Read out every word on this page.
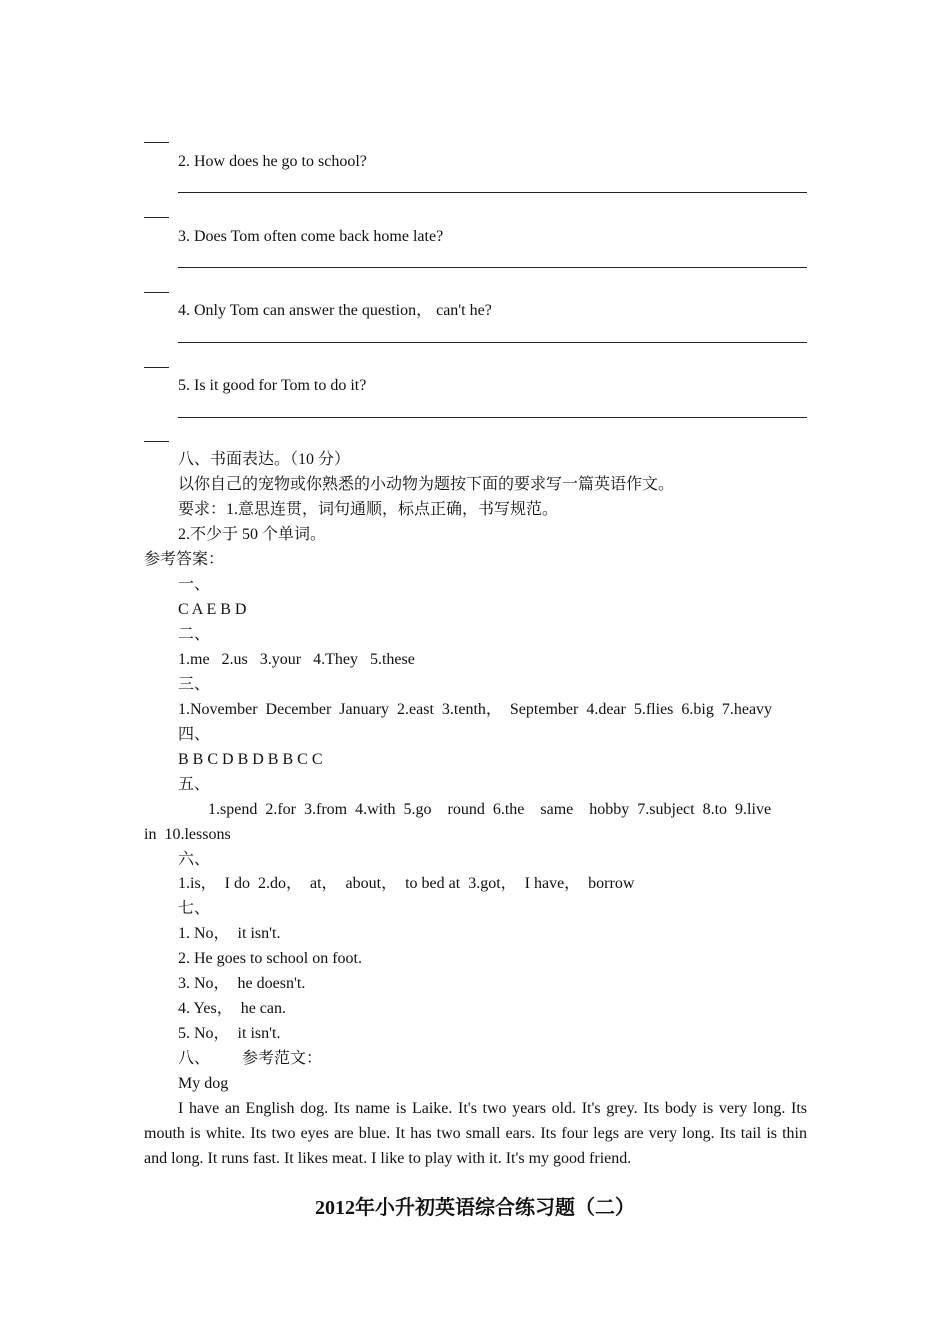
2. How does he go to school?
3. Does Tom often come back home late?
4. Only Tom can answer the question， can't he?
5. Is it good for Tom to do it?
八、书面表达。（10 分）
以你自己的宠物或你熟悉的小动物为题按下面的要求写一篇英语作文。
要求：1.意思连贯，词句通顺，标点正确，书写规范。
2.不少于 50 个单词。
参考答案：
一、
C A E B D
二、
1.me   2.us   3.your   4.They   5.these
三、
1.November  December  January  2.east  3.tenth，  September  4.dear  5.flies  6.big  7.heavy
四、
B B C D B D B B C C
五、
1.spend  2.for  3.from  4.with  5.go    round  6.the    same    hobby  7.subject  8.to  9.live
in  10.lessons
六、
1.is，  I do  2.do，  at，  about，  to bed at  3.got，  I have，  borrow
七、
1. No，  it isn't.
2. He goes to school on foot.
3. No，  he doesn't.
4. Yes，  he can.
5. No，  it isn't.
八、        参考范文：
My dog
I have an English dog. Its name is Laike. It's two years old. It's grey. Its body is very long. Its mouth is white. Its two eyes are blue. It has two small ears. Its four legs are very long. Its tail is thin and long. It runs fast. It likes meat. I like to play with it. It's my good friend.
2012年小升初英语综合练习题（二）
